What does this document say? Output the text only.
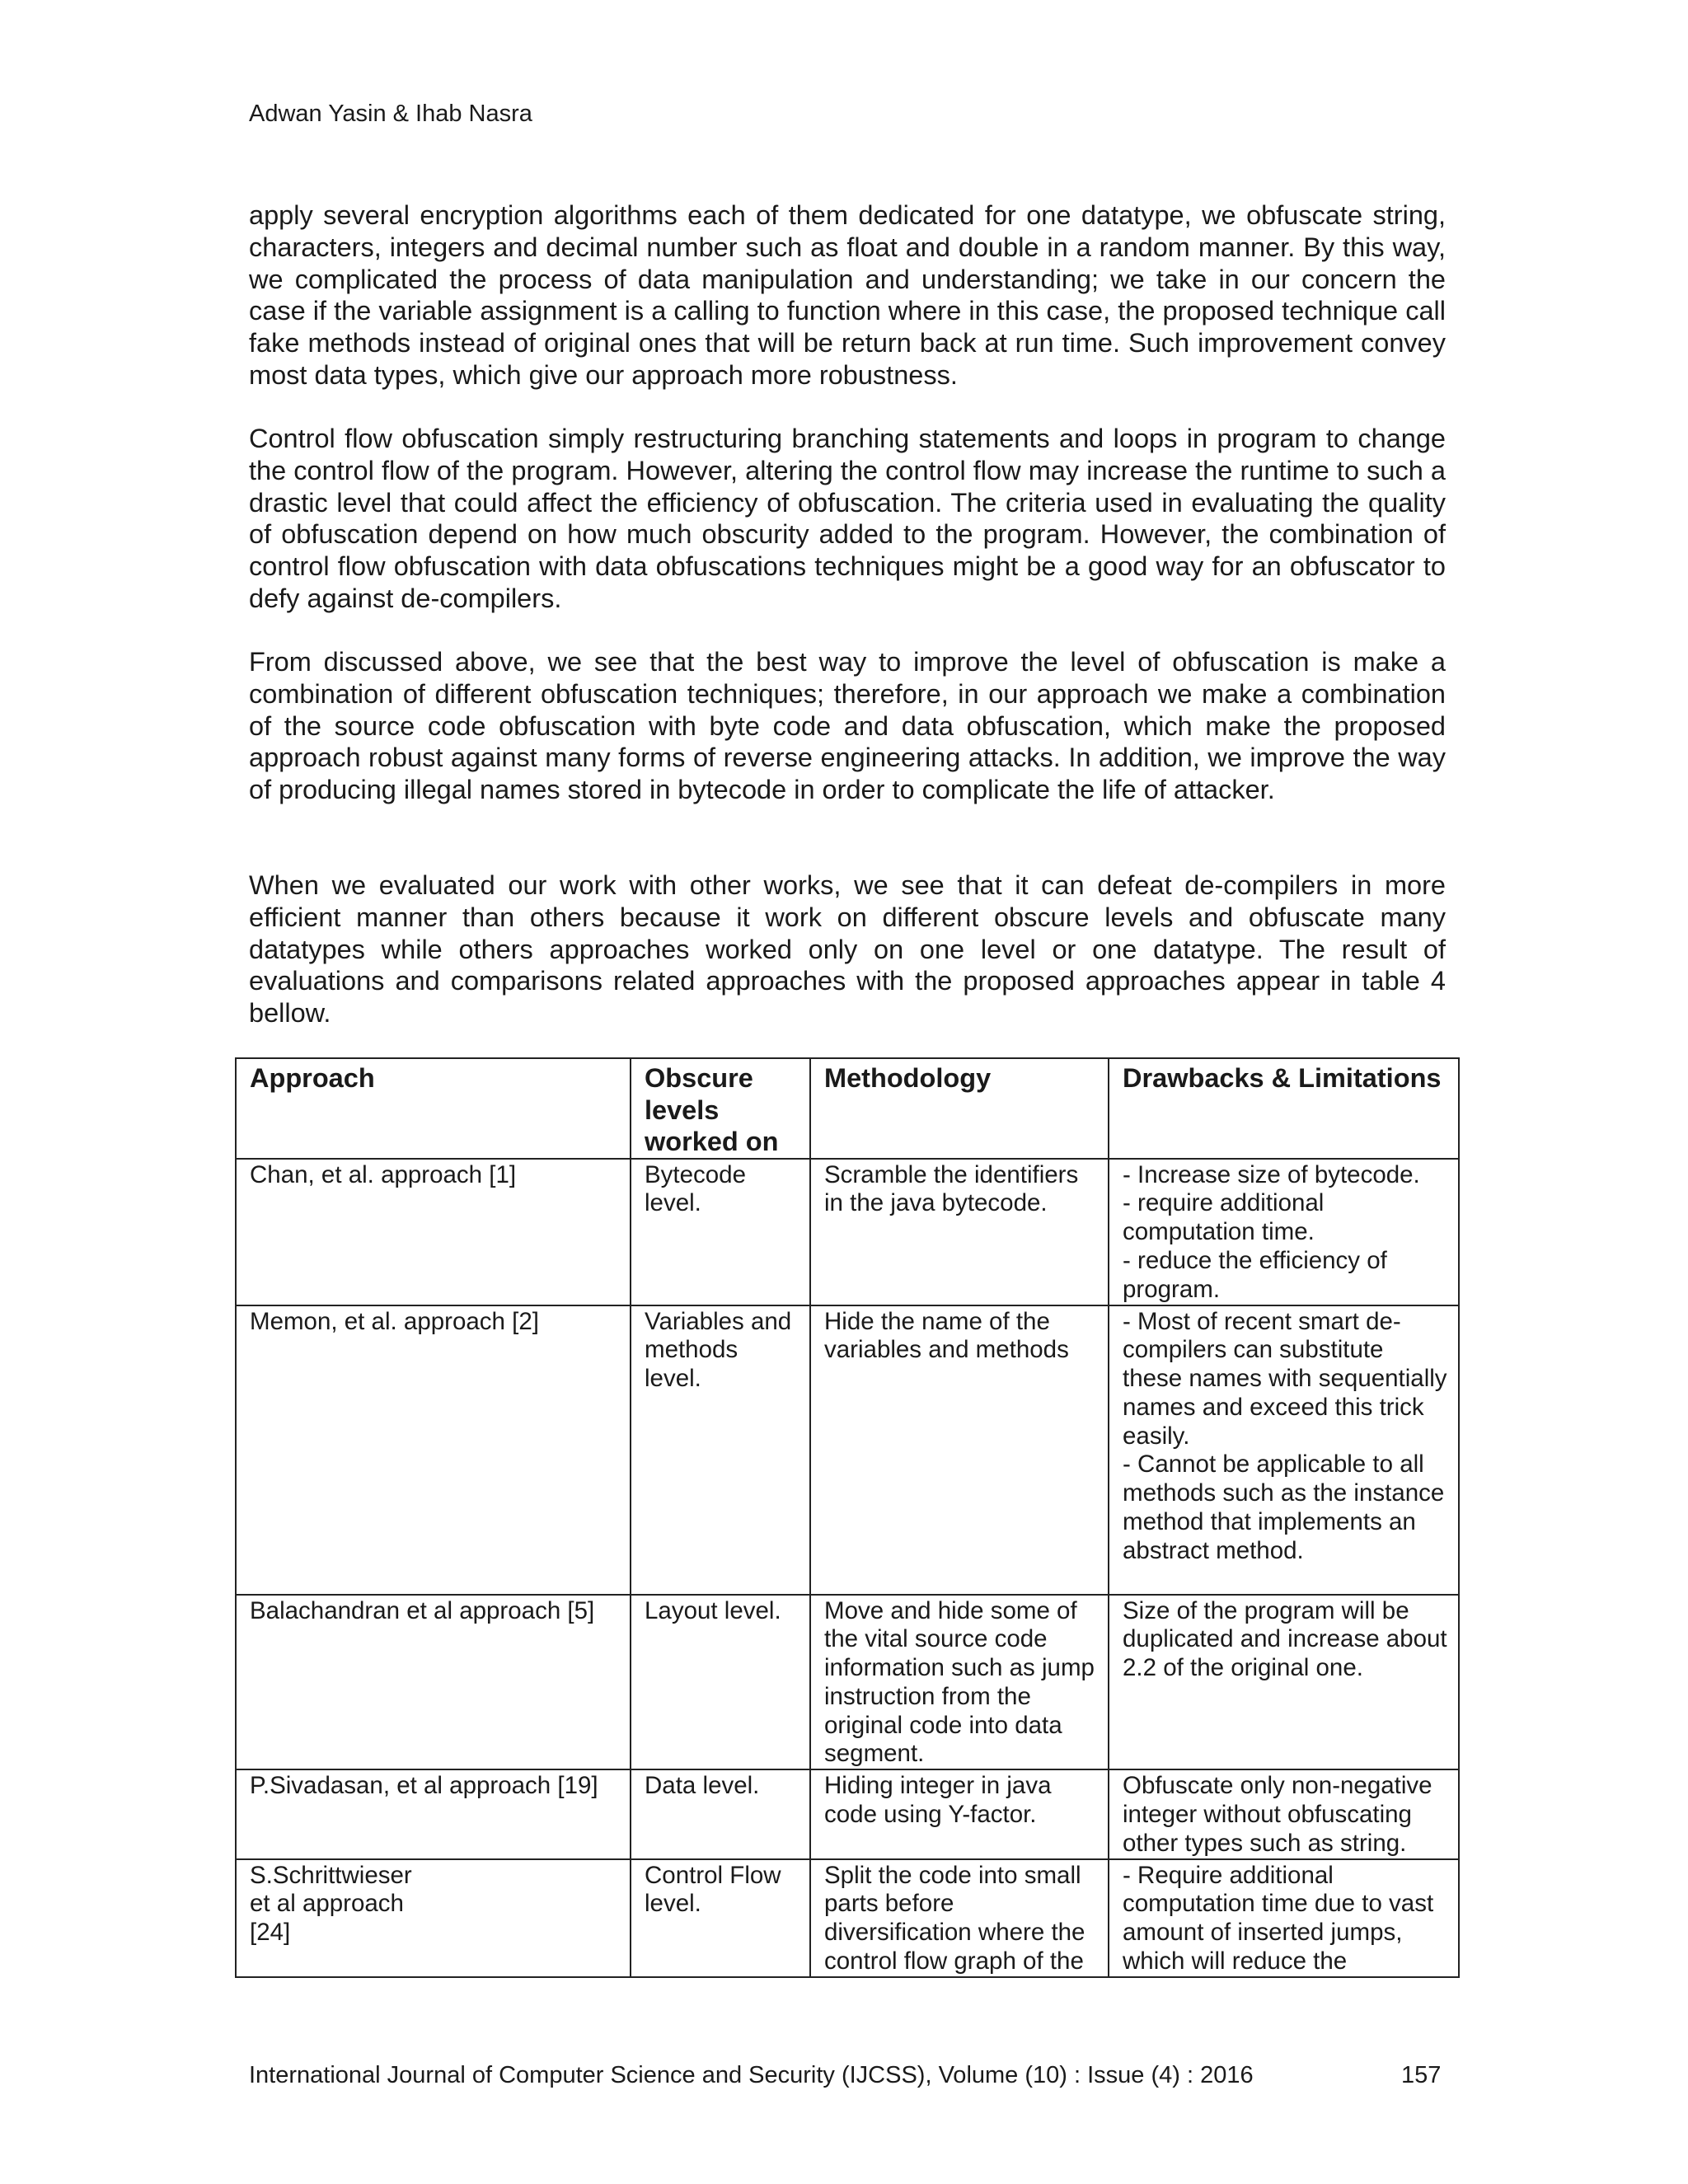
Adwan Yasin & Ihab Nasra

apply several encryption algorithms each of them dedicated for one datatype, we obfuscate string, characters, integers and decimal number such as float and double in a random manner. By this way, we complicated the process of data manipulation and understanding; we take in our concern the case if the variable assignment is a calling to function where in this case, the proposed technique call fake methods instead of original ones that will be return back at run time. Such improvement convey most data types, which give our approach more robustness.

Control flow obfuscation simply restructuring branching statements and loops in program to change the control flow of the program. However, altering the control flow may increase the runtime to such a drastic level that could affect the efficiency of obfuscation. The criteria used in evaluating the quality of obfuscation depend on how much obscurity added to the program. However, the combination of control flow obfuscation with data obfuscations techniques might be a good way for an obfuscator to defy against de-compilers.

From discussed above, we see that the best way to improve the level of obfuscation is make a combination of different obfuscation techniques; therefore, in our approach we make a combination of the source code obfuscation with byte code and data obfuscation, which make the proposed approach robust against many forms of reverse engineering attacks. In addition, we improve the way of producing illegal names stored in bytecode in order to complicate the life of attacker.

When we evaluated our work with other works, we see that it can defeat de-compilers in more efficient manner than others because it work on different obscure levels and obfuscate many datatypes while others approaches worked only on one level or one datatype. The result of evaluations and comparisons related approaches with the proposed approaches appear in table 4 bellow.

Approach	Obscure levels worked on	Methodology	Drawbacks & Limitations
Chan, et al. approach [1]	Bytecode level.	Scramble the identifiers in the java bytecode.	- Increase size of bytecode.
- require additional computation time.
- reduce the efficiency of program.

Memon, et al. approach [2]	Variables and methods level.	Hide the name of the variables and methods	- Most of recent smart de-compilers can substitute these names with sequentially names and exceed this trick easily.
- Cannot be applicable to all methods such as the instance method that implements an abstract method.

Balachandran et al approach [5]	Layout level.	Move and hide some of the vital source code information such as jump instruction from the original code into data segment.	Size of the program will be duplicated and increase about 2.2 of the original one.

P.Sivadasan, et al approach [19]	Data level.	Hiding integer in java code using Y-factor.	Obfuscate only non-negative integer without obfuscating other types such as string.

S.Schrittwieser
et al approach
[24]	Control Flow level.	Split the code into small parts before diversification where the control flow graph of the	- Require additional computation time due to vast amount of inserted jumps, which will reduce the
International Journal of Computer Science and Security (IJCSS), Volume (10) : Issue (4) : 2016	157
